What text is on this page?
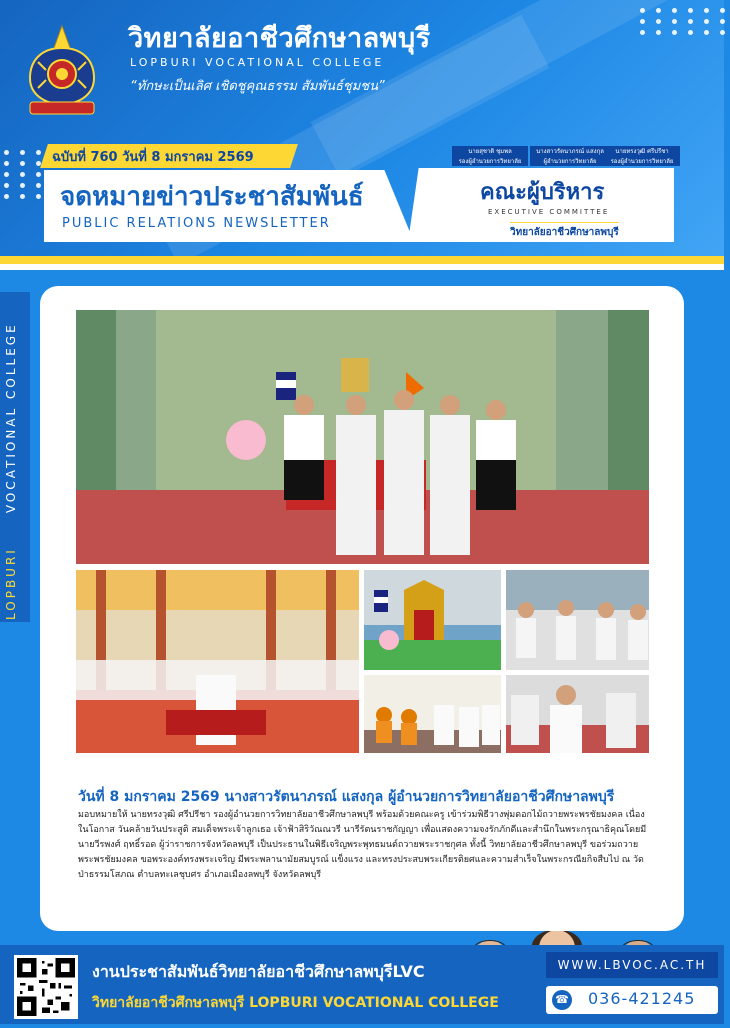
วิทยาลัยอาชีวศึกษาลพบุรี
LOPBURI VOCATIONAL COLLEGE
“ทักษะเป็นเลิศ เชิดชูคุณธรรม สัมพันธ์ชุมชน”
นายสุชาติ ชุมพล
รองผู้อำนวยการวิทยาลัย
นางสาวรัตนาภรณ์ แสงกุล
ผู้อำนวยการวิทยาลัย
นายทรงวุฒิ ศรีปรีชา
รองผู้อำนวยการวิทยาลัย
ฉบับที่ 760 วันที่ 8 มกราคม 2569
จดหมายข่าวประชาสัมพันธ์
PUBLIC RELATIONS NEWSLETTER
คณะผู้บริหาร
EXECUTIVE COMMITTEE
วิทยาลัยอาชีวศึกษาลพบุรี
LOPBURI     VOCATIONAL COLLEGE
วันที่ 8 มกราคม 2569 นางสาวรัตนาภรณ์ แสงกุล ผู้อำนวยการวิทยาลัยอาชีวศึกษาลพบุรี
มอบหมายให้ นายทรงวุฒิ ศรีปรีชา รองผู้อำนวยการวิทยาลัยอาชีวศึกษาลพบุรี พร้อมด้วยคณะครู เข้าร่วมพิธีวางพุ่มดอกไม้ถวายพระพรชัยมงคล เนื่องในโอกาส วันคล้ายวันประสูติ สมเด็จพระเจ้าลูกเธอ เจ้าฟ้าสิริวัณณวรี นารีรัตนราชกัญญา เพื่อแสดงความจงรักภักดีและสำนึกในพระกรุณาธิคุณโดยมี นายวีรพงศ์ ฤทธิ์รอด ผู้ว่าราชการจังหวัดลพบุรี เป็นประธานในพิธีเจริญพระพุทธมนต์ถวายพระราชกุศล ทั้งนี้ วิทยาลัยอาชีวศึกษาลพบุรี ขอร่วมถวายพระพรชัยมงคล ขอพระองค์ทรงพระเจริญ มีพระพลานามัยสมบูรณ์ แข็งแรง และทรงประสบพระเกียรติยศและความสำเร็จในพระกรณียกิจสืบไป ณ วัดป่าธรรมโสภณ ตำบลทะเลชุบศร อำเภอเมืองลพบุรี จังหวัดลพบุรี
งานประชาสัมพันธ์วิทยาลัยอาชีวศึกษาลพบุรีLVC
วิทยาลัยอาชีวศึกษาลพบุรี LOPBURI VOCATIONAL COLLEGE
WWW.LBVOC.AC.TH
☎ 036-421245
